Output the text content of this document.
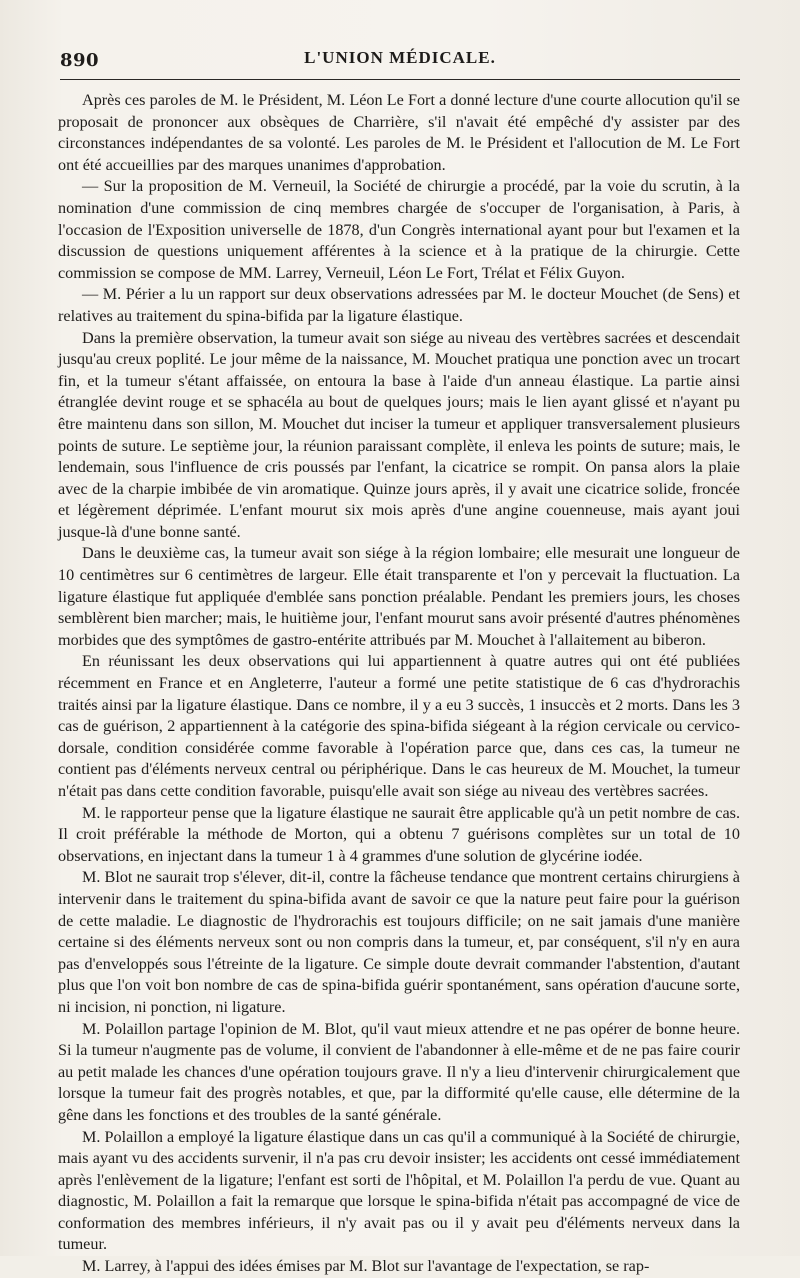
890	L'UNION MÉDICALE.

Après ces paroles de M. le Président, M. Léon Le Fort a donné lecture d'une courte allocution qu'il se proposait de prononcer aux obsèques de Charrière, s'il n'avait été empêché d'y assister par des circonstances indépendantes de sa volonté. Les paroles de M. le Président et l'allocution de M. Le Fort ont été accueillies par des marques unanimes d'approbation.

— Sur la proposition de M. Verneuil, la Société de chirurgie a procédé, par la voie du scrutin, à la nomination d'une commission de cinq membres chargée de s'occuper de l'organisation, à Paris, à l'occasion de l'Exposition universelle de 1878, d'un Congrès international ayant pour but l'examen et la discussion de questions uniquement afférentes à la science et à la pratique de la chirurgie. Cette commission se compose de MM. Larrey, Verneuil, Léon Le Fort, Trélat et Félix Guyon.

— M. Périer a lu un rapport sur deux observations adressées par M. le docteur Mouchet (de Sens) et relatives au traitement du spina-bifida par la ligature élastique.

Dans la première observation, la tumeur avait son siége au niveau des vertèbres sacrées et descendait jusqu'au creux poplité. Le jour même de la naissance, M. Mouchet pratiqua une ponction avec un trocart fin, et la tumeur s'étant affaissée, on entoura la base à l'aide d'un anneau élastique. La partie ainsi étranglée devint rouge et se sphacéla au bout de quelques jours; mais le lien ayant glissé et n'ayant pu être maintenu dans son sillon, M. Mouchet dut inciser la tumeur et appliquer transversalement plusieurs points de suture. Le septième jour, la réunion paraissant complète, il enleva les points de suture; mais, le lendemain, sous l'influence de cris poussés par l'enfant, la cicatrice se rompit. On pansa alors la plaie avec de la charpie imbibée de vin aromatique. Quinze jours après, il y avait une cicatrice solide, froncée et légèrement déprimée. L'enfant mourut six mois après d'une angine couenneuse, mais ayant joui jusque-là d'une bonne santé.

Dans le deuxième cas, la tumeur avait son siége à la région lombaire; elle mesurait une longueur de 10 centimètres sur 6 centimètres de largeur. Elle était transparente et l'on y percevait la fluctuation. La ligature élastique fut appliquée d'emblée sans ponction préalable. Pendant les premiers jours, les choses semblèrent bien marcher; mais, le huitième jour, l'enfant mourut sans avoir présenté d'autres phénomènes morbides que des symptômes de gastro-entérite attribués par M. Mouchet à l'allaitement au biberon.

En réunissant les deux observations qui lui appartiennent à quatre autres qui ont été publiées récemment en France et en Angleterre, l'auteur a formé une petite statistique de 6 cas d'hydrorachis traités ainsi par la ligature élastique. Dans ce nombre, il y a eu 3 succès, 1 insuccès et 2 morts. Dans les 3 cas de guérison, 2 appartiennent à la catégorie des spina-bifida siégeant à la région cervicale ou cervico-dorsale, condition considérée comme favorable à l'opération parce que, dans ces cas, la tumeur ne contient pas d'éléments nerveux central ou périphérique. Dans le cas heureux de M. Mouchet, la tumeur n'était pas dans cette condition favorable, puisqu'elle avait son siége au niveau des vertèbres sacrées.

M. le rapporteur pense que la ligature élastique ne saurait être applicable qu'à un petit nombre de cas. Il croit préférable la méthode de Morton, qui a obtenu 7 guérisons complètes sur un total de 10 observations, en injectant dans la tumeur 1 à 4 grammes d'une solution de glycérine iodée.

M. Blot ne saurait trop s'élever, dit-il, contre la fâcheuse tendance que montrent certains chirurgiens à intervenir dans le traitement du spina-bifida avant de savoir ce que la nature peut faire pour la guérison de cette maladie. Le diagnostic de l'hydrorachis est toujours difficile; on ne sait jamais d'une manière certaine si des éléments nerveux sont ou non compris dans la tumeur, et, par conséquent, s'il n'y en aura pas d'enveloppés sous l'étreinte de la ligature. Ce simple doute devrait commander l'abstention, d'autant plus que l'on voit bon nombre de cas de spina-bifida guérir spontanément, sans opération d'aucune sorte, ni incision, ni ponction, ni ligature.

M. Polaillon partage l'opinion de M. Blot, qu'il vaut mieux attendre et ne pas opérer de bonne heure. Si la tumeur n'augmente pas de volume, il convient de l'abandonner à elle-même et de ne pas faire courir au petit malade les chances d'une opération toujours grave. Il n'y a lieu d'intervenir chirurgicalement que lorsque la tumeur fait des progrès notables, et que, par la difformité qu'elle cause, elle détermine de la gêne dans les fonctions et des troubles de la santé générale.

M. Polaillon a employé la ligature élastique dans un cas qu'il a communiqué à la Société de chirurgie, mais ayant vu des accidents survenir, il n'a pas cru devoir insister; les accidents ont cessé immédiatement après l'enlèvement de la ligature; l'enfant est sorti de l'hôpital, et M. Polaillon l'a perdu de vue. Quant au diagnostic, M. Polaillon a fait la remarque que lorsque le spina-bifida n'était pas accompagné de vice de conformation des membres inférieurs, il n'y avait pas ou il y avait peu d'éléments nerveux dans la tumeur.

M. Larrey, à l'appui des idées émises par M. Blot sur l'avantage de l'expectation, se rap-
